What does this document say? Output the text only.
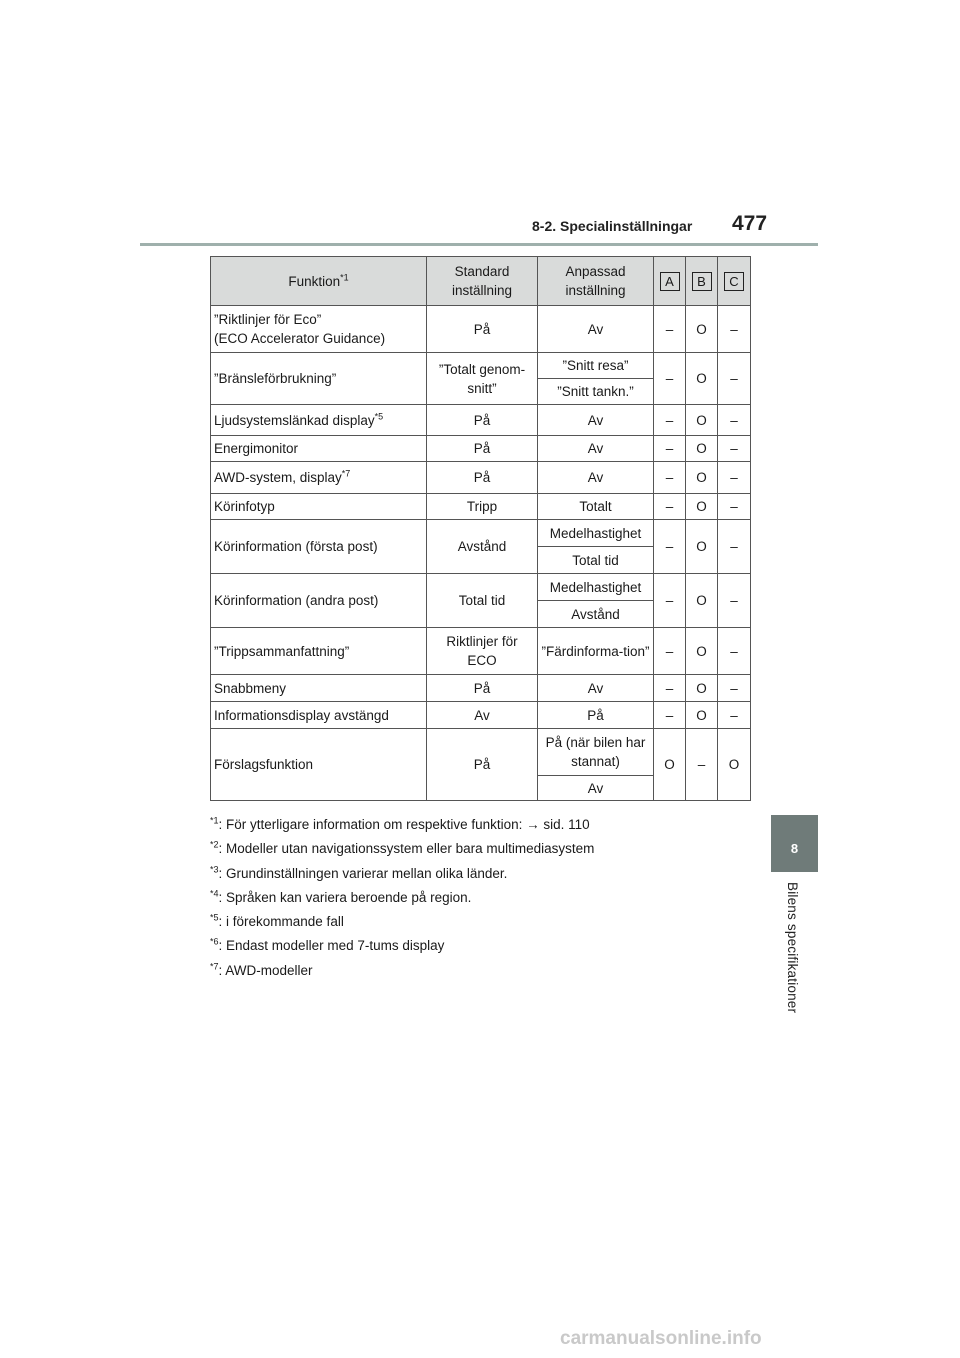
8-2. Specialinställningar 477
8
Bilens specifikationer
Funktion$^{*1}$	Standard inställning	Anpassad inställning	A	B	C
”Riktlinjer för Eco”
(ECO Accelerator Guidance)	På	Av	–	O	–
”Bränsleförbrukning”	”Totalt genom-snitt”	”Snitt resa”	–	O	–
		”Snitt tankn.”			
Ljudsystemslänkad display$^{*5}$	På	Av	–	O	–
Energimonitor	På	Av	–	O	–
AWD-system, display$^{*7}$	På	Av	–	O	–
Körinfotyp	Tripp	Totalt	–	O	–
Körinformation (första post)	Avstånd	Medelhastighet	–	O	–
		Total tid			
Körinformation (andra post)	Total tid	Medelhastighet	–	O	–
		Avstånd			
”Trippsammanfattning”	Riktlinjer för ECO	”Färdinforma-tion”	–	O	–
Snabbmeny	På	Av	–	O	–
Informationsdisplay avstängd	Av	På	–	O	–
Förslagsfunktion	På	På (när bilen har stannat)	O	–	O
		Av			

$^{*1}$: För ytterligare information om respektive funktion: → sid. 110

$^{*2}$: Modeller utan navigationssystem eller bara multimediasystem

$^{*3}$: Grundinställningen varierar mellan olika länder.

$^{*4}$: Språken kan variera beroende på region.

$^{*5}$: i förekommande fall

$^{*6}$: Endast modeller med 7-tums display

$^{*7}$: AWD-modeller

carmanualsonline.info
